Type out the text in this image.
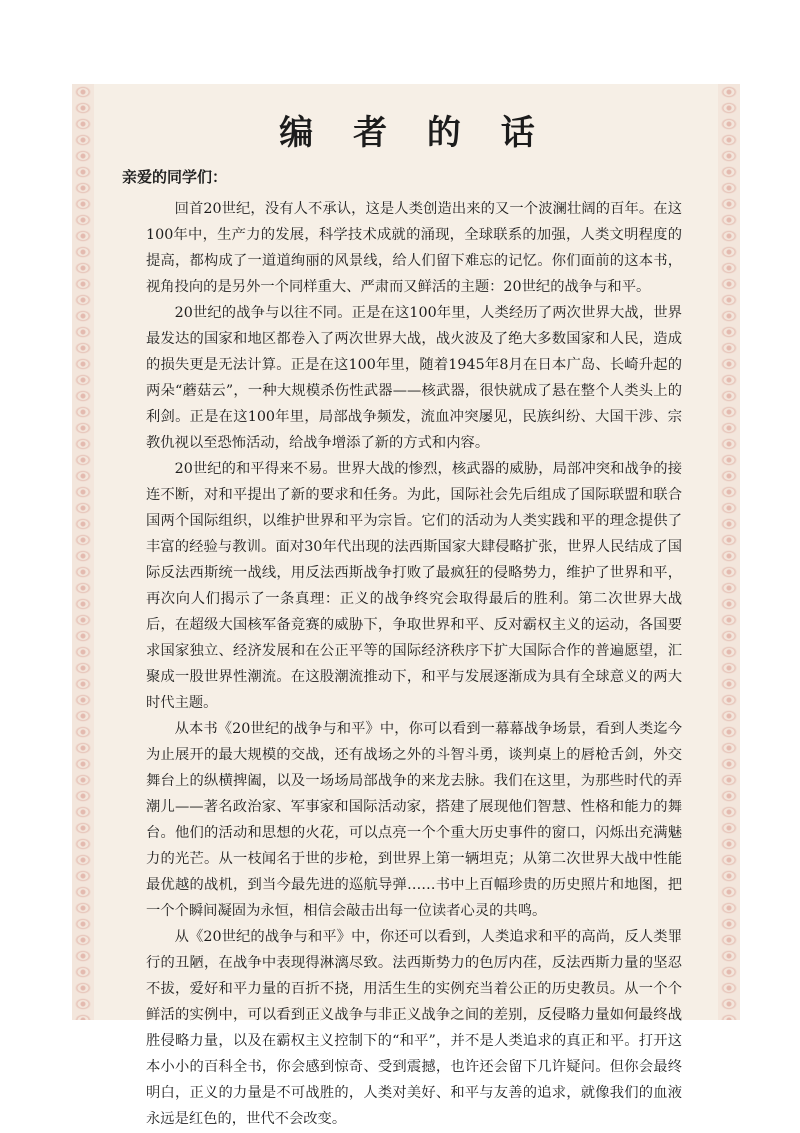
编 者 的 话

亲爱的同学们：

回首20世纪，没有人不承认，这是人类创造出来的又一个波澜壮阔的百年。在这100年中，生产力的发展，科学技术成就的涌现，全球联系的加强，人类文明程度的提高，都构成了一道道绚丽的风景线，给人们留下难忘的记忆。你们面前的这本书，视角投向的是另外一个同样重大、严肃而又鲜活的主题：20世纪的战争与和平。

20世纪的战争与以往不同。正是在这100年里，人类经历了两次世界大战，世界最发达的国家和地区都卷入了两次世界大战，战火波及了绝大多数国家和人民，造成的损失更是无法计算。正是在这100年里，随着1945年8月在日本广岛、长崎升起的两朵“蘑菇云”，一种大规模杀伤性武器——核武器，很快就成了悬在整个人类头上的利剑。正是在这100年里，局部战争频发，流血冲突屡见，民族纠纷、大国干涉、宗教仇视以至恐怖活动，给战争增添了新的方式和内容。

20世纪的和平得来不易。世界大战的惨烈，核武器的威胁，局部冲突和战争的接连不断，对和平提出了新的要求和任务。为此，国际社会先后组成了国际联盟和联合国两个国际组织，以维护世界和平为宗旨。它们的活动为人类实践和平的理念提供了丰富的经验与教训。面对30年代出现的法西斯国家大肆侵略扩张，世界人民结成了国际反法西斯统一战线，用反法西斯战争打败了最疯狂的侵略势力，维护了世界和平，再次向人们揭示了一条真理：正义的战争终究会取得最后的胜利。第二次世界大战后，在超级大国核军备竞赛的威胁下，争取世界和平、反对霸权主义的运动，各国要求国家独立、经济发展和在公正平等的国际经济秩序下扩大国际合作的普遍愿望，汇聚成一股世界性潮流。在这股潮流推动下，和平与发展逐渐成为具有全球意义的两大时代主题。

从本书《20世纪的战争与和平》中，你可以看到一幕幕战争场景，看到人类迄今为止展开的最大规模的交战，还有战场之外的斗智斗勇，谈判桌上的唇枪舌剑，外交舞台上的纵横捭阖，以及一场场局部战争的来龙去脉。我们在这里，为那些时代的弄潮儿——著名政治家、军事家和国际活动家，搭建了展现他们智慧、性格和能力的舞台。他们的活动和思想的火花，可以点亮一个个重大历史事件的窗口，闪烁出充满魅力的光芒。从一枝闻名于世的步枪，到世界上第一辆坦克；从第二次世界大战中性能最优越的战机，到当今最先进的巡航导弹……书中上百幅珍贵的历史照片和地图，把一个个瞬间凝固为永恒，相信会敲击出每一位读者心灵的共鸣。

从《20世纪的战争与和平》中，你还可以看到，人类追求和平的高尚，反人类罪行的丑陋，在战争中表现得淋漓尽致。法西斯势力的色厉内荏，反法西斯力量的坚忍不拔，爱好和平力量的百折不挠，用活生生的实例充当着公正的历史教员。从一个个鲜活的实例中，可以看到正义战争与非正义战争之间的差别，反侵略力量如何最终战胜侵略力量，以及在霸权主义控制下的“和平”，并不是人类追求的真正和平。打开这本小小的百科全书，你会感到惊奇、受到震撼，也许还会留下几许疑问。但你会最终明白，正义的力量是不可战胜的，人类对美好、和平与友善的追求，就像我们的血液永远是红色的，世代不会改变。
